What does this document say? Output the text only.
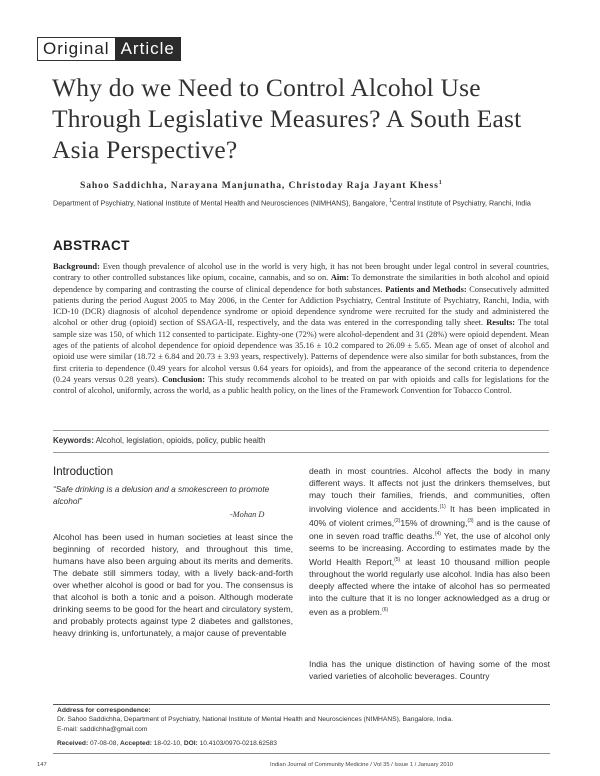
Original Article
Why do we Need to Control Alcohol Use Through Legislative Measures? A South East Asia Perspective?
Sahoo Saddichha, Narayana Manjunatha, Christoday Raja Jayant Khess$^1$
Department of Psychiatry, National Institute of Mental Health and Neurosciences (NIMHANS), Bangalore, $^1$Central Institute of Psychiatry, Ranchi, India
ABSTRACT
Background: Even though prevalence of alcohol use in the world is very high, it has not been brought under legal control in several countries, contrary to other controlled substances like opium, cocaine, cannabis, and so on. Aim: To demonstrate the similarities in both alcohol and opioid dependence by comparing and contrasting the course of clinical dependence for both substances. Patients and Methods: Consecutively admitted patients during the period August 2005 to May 2006, in the Center for Addiction Psychiatry, Central Institute of Psychiatry, Ranchi, India, with ICD-10 (DCR) diagnosis of alcohol dependence syndrome or opioid dependence syndrome were recruited for the study and administered the alcohol or other drug (opioid) section of SSAGA-II, respectively, and the data was entered in the corresponding tally sheet. Results: The total sample size was 150, of which 112 consented to participate. Eighty-one (72%) were alcohol-dependent and 31 (28%) were opioid dependent. Mean ages of the patients of alcohol dependence for opioid dependence was 35.16 ± 10.2 compared to 26.09 ± 5.65. Mean age of onset of alcohol and opioid use were similar (18.72 ± 6.84 and 20.73 ± 3.93 years, respectively). Patterns of dependence were also similar for both substances, from the first criteria to dependence (0.49 years for alcohol versus 0.64 years for opioids), and from the appearance of the second criteria to dependence (0.24 years versus 0.28 years). Conclusion: This study recommends alcohol to be treated on par with opioids and calls for legislations for the control of alcohol, uniformly, across the world, as a public health policy, on the lines of the Framework Convention for Tobacco Control.
Keywords: Alcohol, legislation, opioids, policy, public health
Introduction
“Safe drinking is a delusion and a smokescreen to promote alcohol”
-Mohan D
Alcohol has been used in human societies at least since the beginning of recorded history, and throughout this time, humans have also been arguing about its merits and demerits. The debate still simmers today, with a lively back-and-forth over whether alcohol is good or bad for you. The consensus is that alcohol is both a tonic and a poison. Although moderate drinking seems to be good for the heart and circulatory system, and probably protects against type 2 diabetes and gallstones, heavy drinking is, unfortunately, a major cause of preventable
death in most countries. Alcohol affects the body in many different ways. It affects not just the drinkers themselves, but may touch their families, friends, and communities, often involving violence and accidents.$^{(1)}$ It has been implicated in 40% of violent crimes,$^{(2)}$15% of drowning,$^{(3)}$ and is the cause of one in seven road traffic deaths.$^{(4)}$ Yet, the use of alcohol only seems to be increasing. According to estimates made by the World Health Report,$^{(5)}$ at least 10 thousand million people throughout the world regularly use alcohol. India has also been deeply affected where the intake of alcohol has so permeated into the culture that it is no longer acknowledged as a drug or even as a problem.$^{(6)}$
India has the unique distinction of having some of the most varied varieties of alcoholic beverages. Country
Address for correspondence:
Dr. Sahoo Saddichha, Department of Psychiatry, National Institute of Mental Health and Neurosciences (NIMHANS), Bangalore, India.
E-mail: saddichha@gmail.com
Received: 07-08-08, Accepted: 18-02-10, DOI: 10.4103/0970-0218.62583
147	Indian Journal of Community Medicine / Vol 35 / Issue 1 / January 2010
